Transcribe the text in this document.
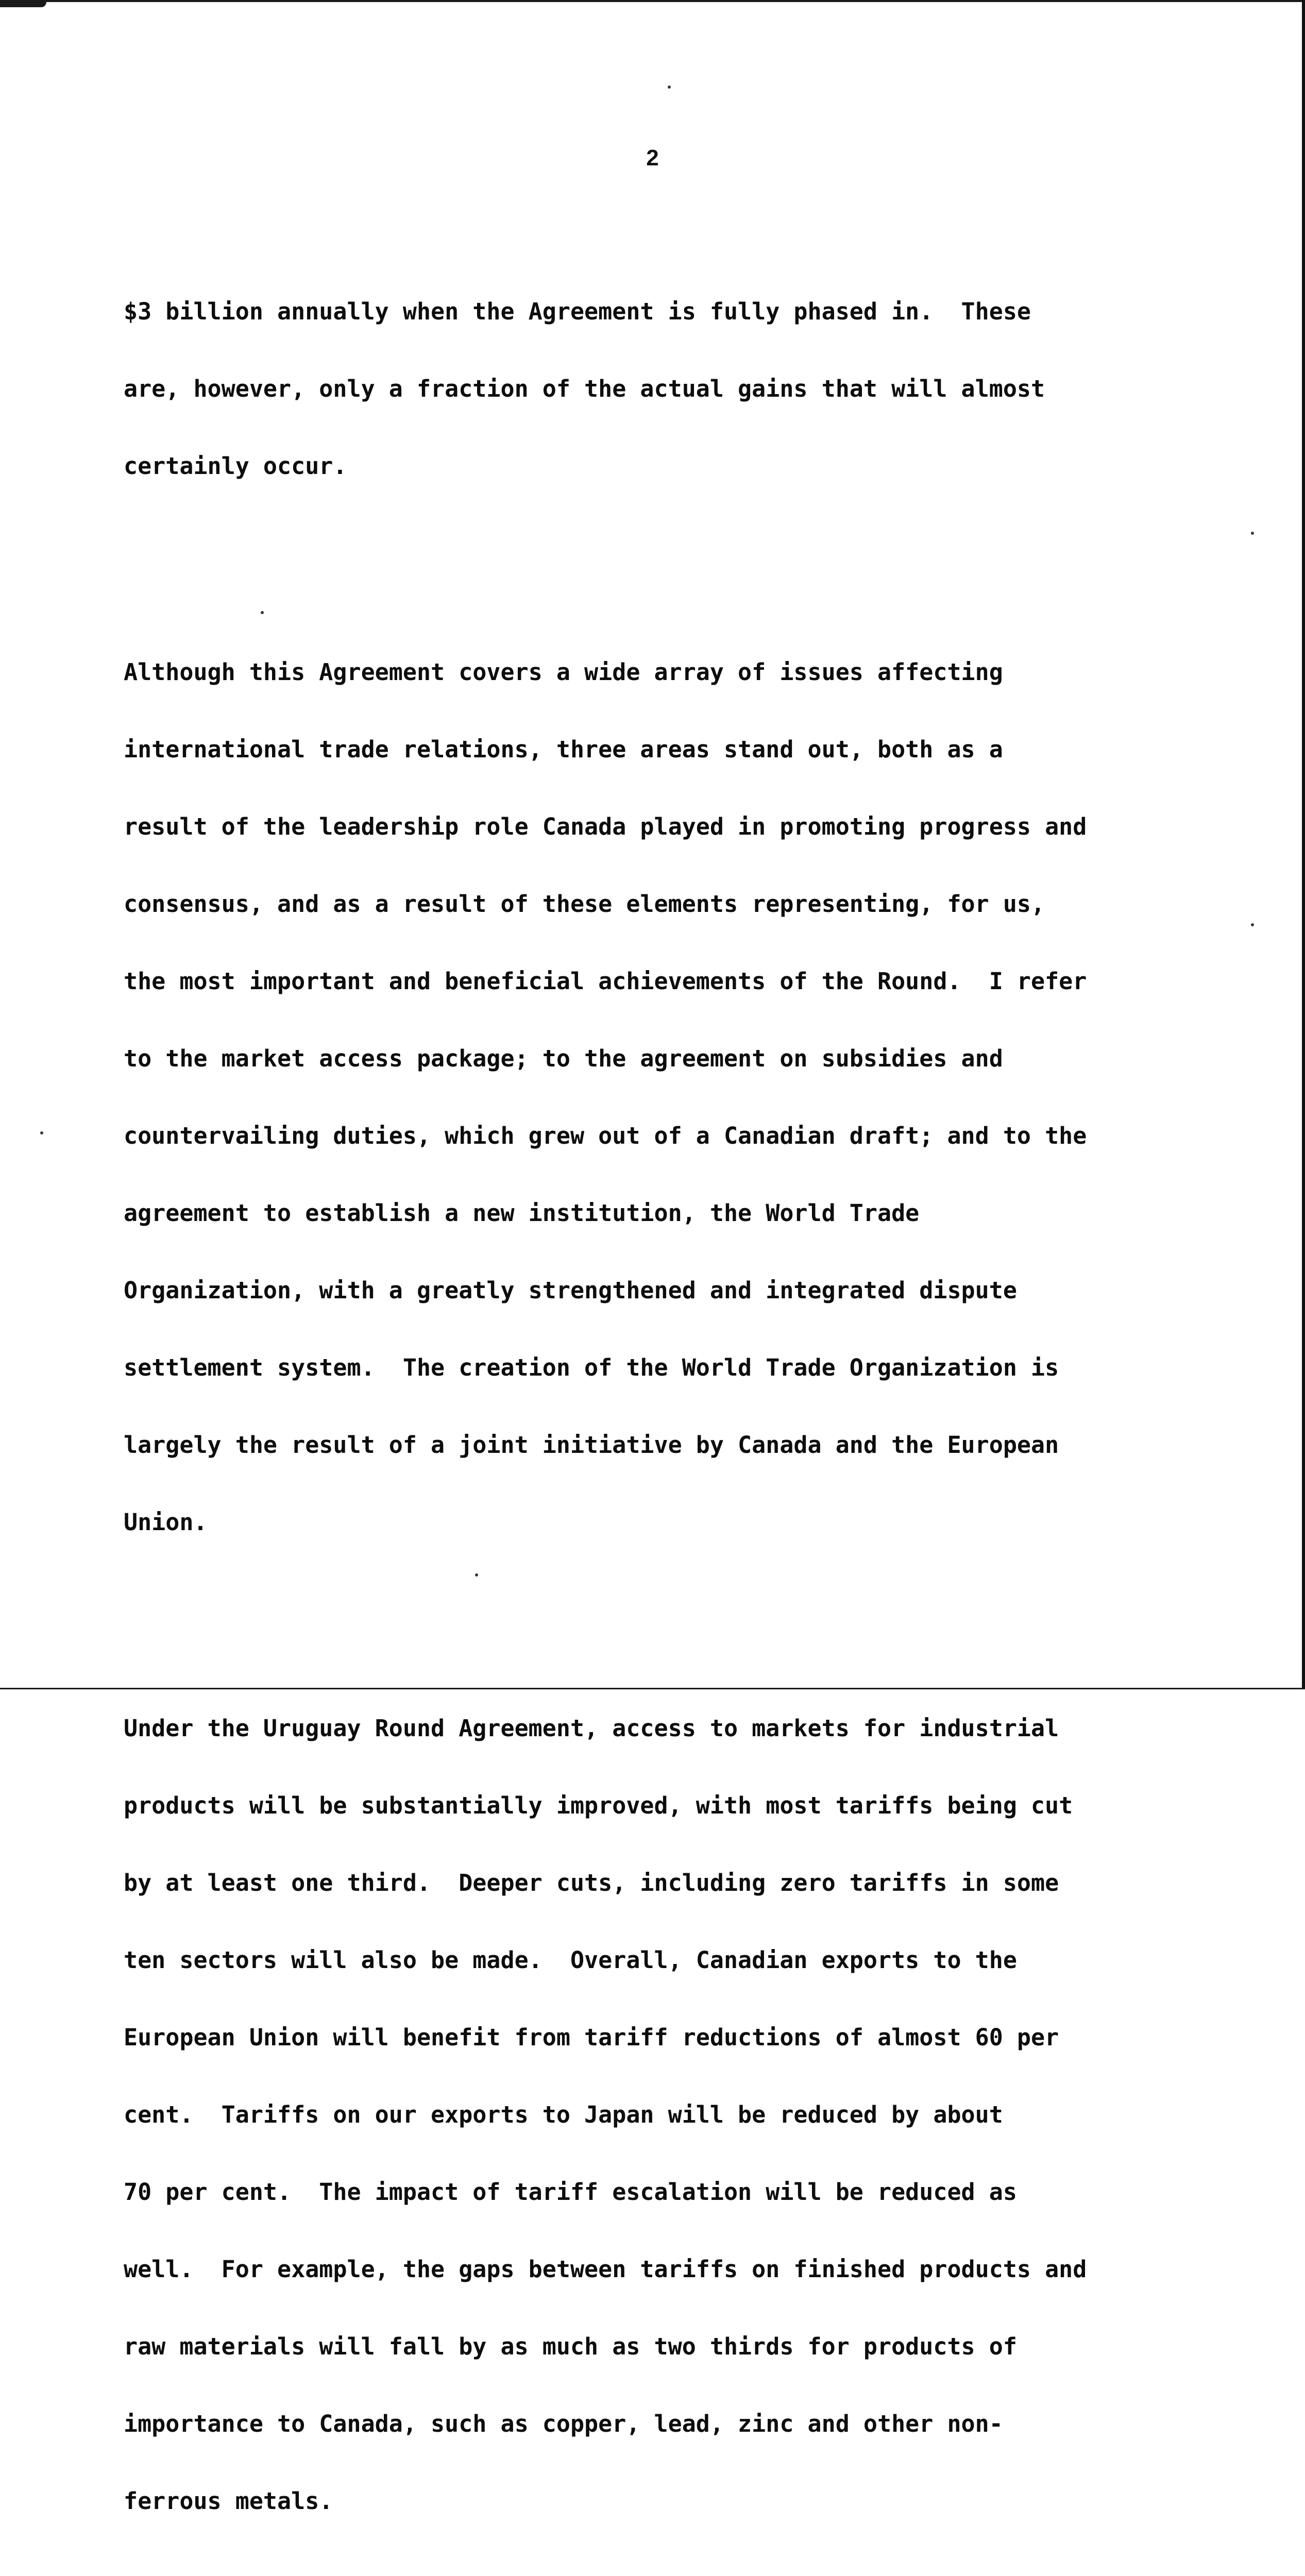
2

$3 billion annually when the Agreement is fully phased in.  These

are, however, only a fraction of the actual gains that will almost

certainly occur.

Although this Agreement covers a wide array of issues affecting

international trade relations, three areas stand out, both as a

result of the leadership role Canada played in promoting progress and

consensus, and as a result of these elements representing, for us,

the most important and beneficial achievements of the Round.  I refer

to the market access package; to the agreement on subsidies and

countervailing duties, which grew out of a Canadian draft; and to the

agreement to establish a new institution, the World Trade

Organization, with a greatly strengthened and integrated dispute

settlement system.  The creation of the World Trade Organization is

largely the result of a joint initiative by Canada and the European

Union.

Under the Uruguay Round Agreement, access to markets for industrial

products will be substantially improved, with most tariffs being cut

by at least one third.  Deeper cuts, including zero tariffs in some

ten sectors will also be made.  Overall, Canadian exports to the

European Union will benefit from tariff reductions of almost 60 per

cent.  Tariffs on our exports to Japan will be reduced by about

70 per cent.  The impact of tariff escalation will be reduced as

well.  For example, the gaps between tariffs on finished products and

raw materials will fall by as much as two thirds for products of

importance to Canada, such as copper, lead, zinc and other non-

ferrous metals.
